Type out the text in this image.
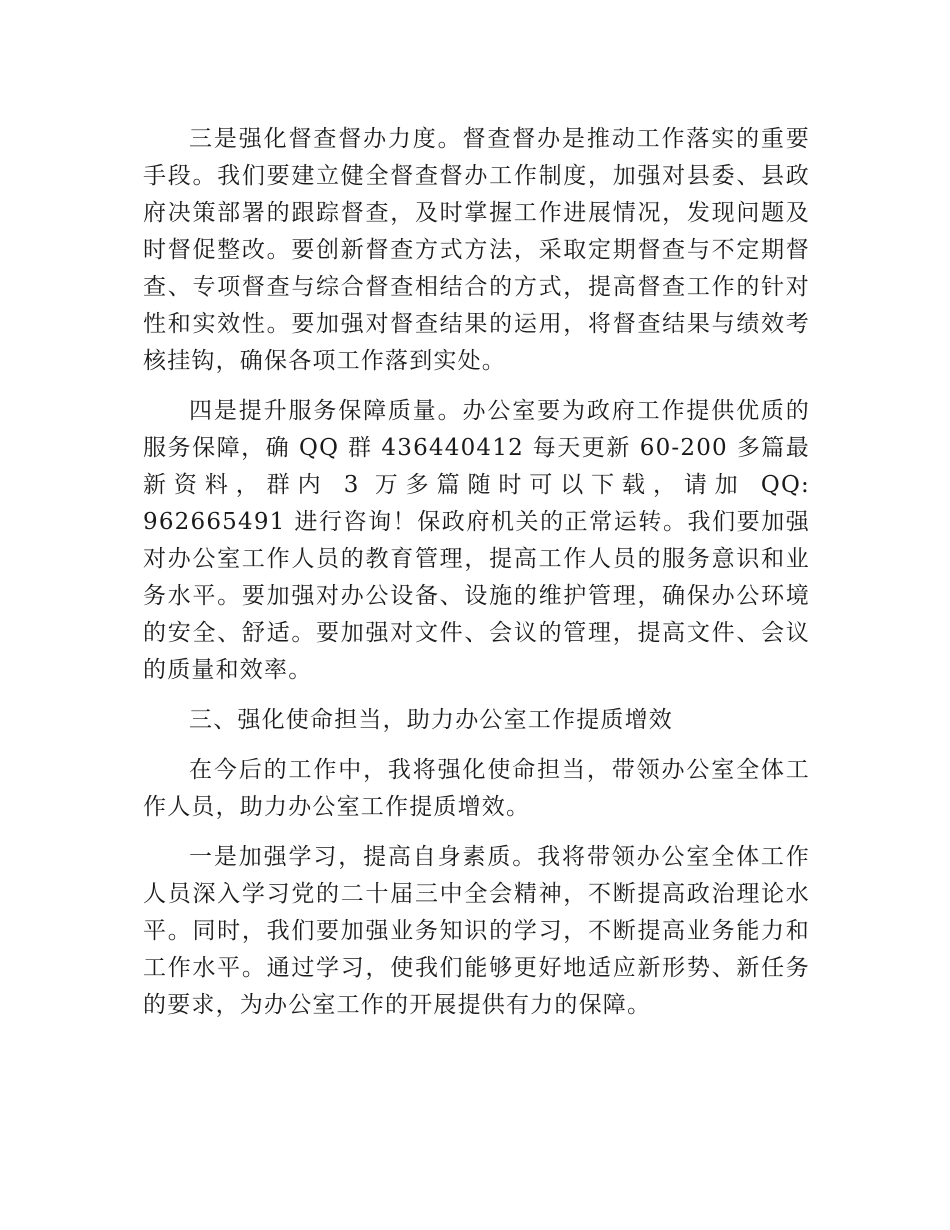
三是强化督查督办力度。督查督办是推动工作落实的重要手段。我们要建立健全督查督办工作制度，加强对县委、县政府决策部署的跟踪督查，及时掌握工作进展情况，发现问题及时督促整改。要创新督查方式方法，采取定期督查与不定期督查、专项督查与综合督查相结合的方式，提高督查工作的针对性和实效性。要加强对督查结果的运用，将督查结果与绩效考核挂钩，确保各项工作落到实处。

四是提升服务保障质量。办公室要为政府工作提供优质的服务保障，确 QQ 群 436440412 每天更新 60-200 多篇最新资料，群内 3 万多篇随时可以下载，请加 QQ: 962665491 进行咨询！保政府机关的正常运转。我们要加强对办公室工作人员的教育管理，提高工作人员的服务意识和业务水平。要加强对办公设备、设施的维护管理，确保办公环境的安全、舒适。要加强对文件、会议的管理，提高文件、会议的质量和效率。

三、强化使命担当，助力办公室工作提质增效

在今后的工作中，我将强化使命担当，带领办公室全体工作人员，助力办公室工作提质增效。

一是加强学习，提高自身素质。我将带领办公室全体工作人员深入学习党的二十届三中全会精神，不断提高政治理论水平。同时，我们要加强业务知识的学习，不断提高业务能力和工作水平。通过学习，使我们能够更好地适应新形势、新任务的要求，为办公室工作的开展提供有力的保障。
